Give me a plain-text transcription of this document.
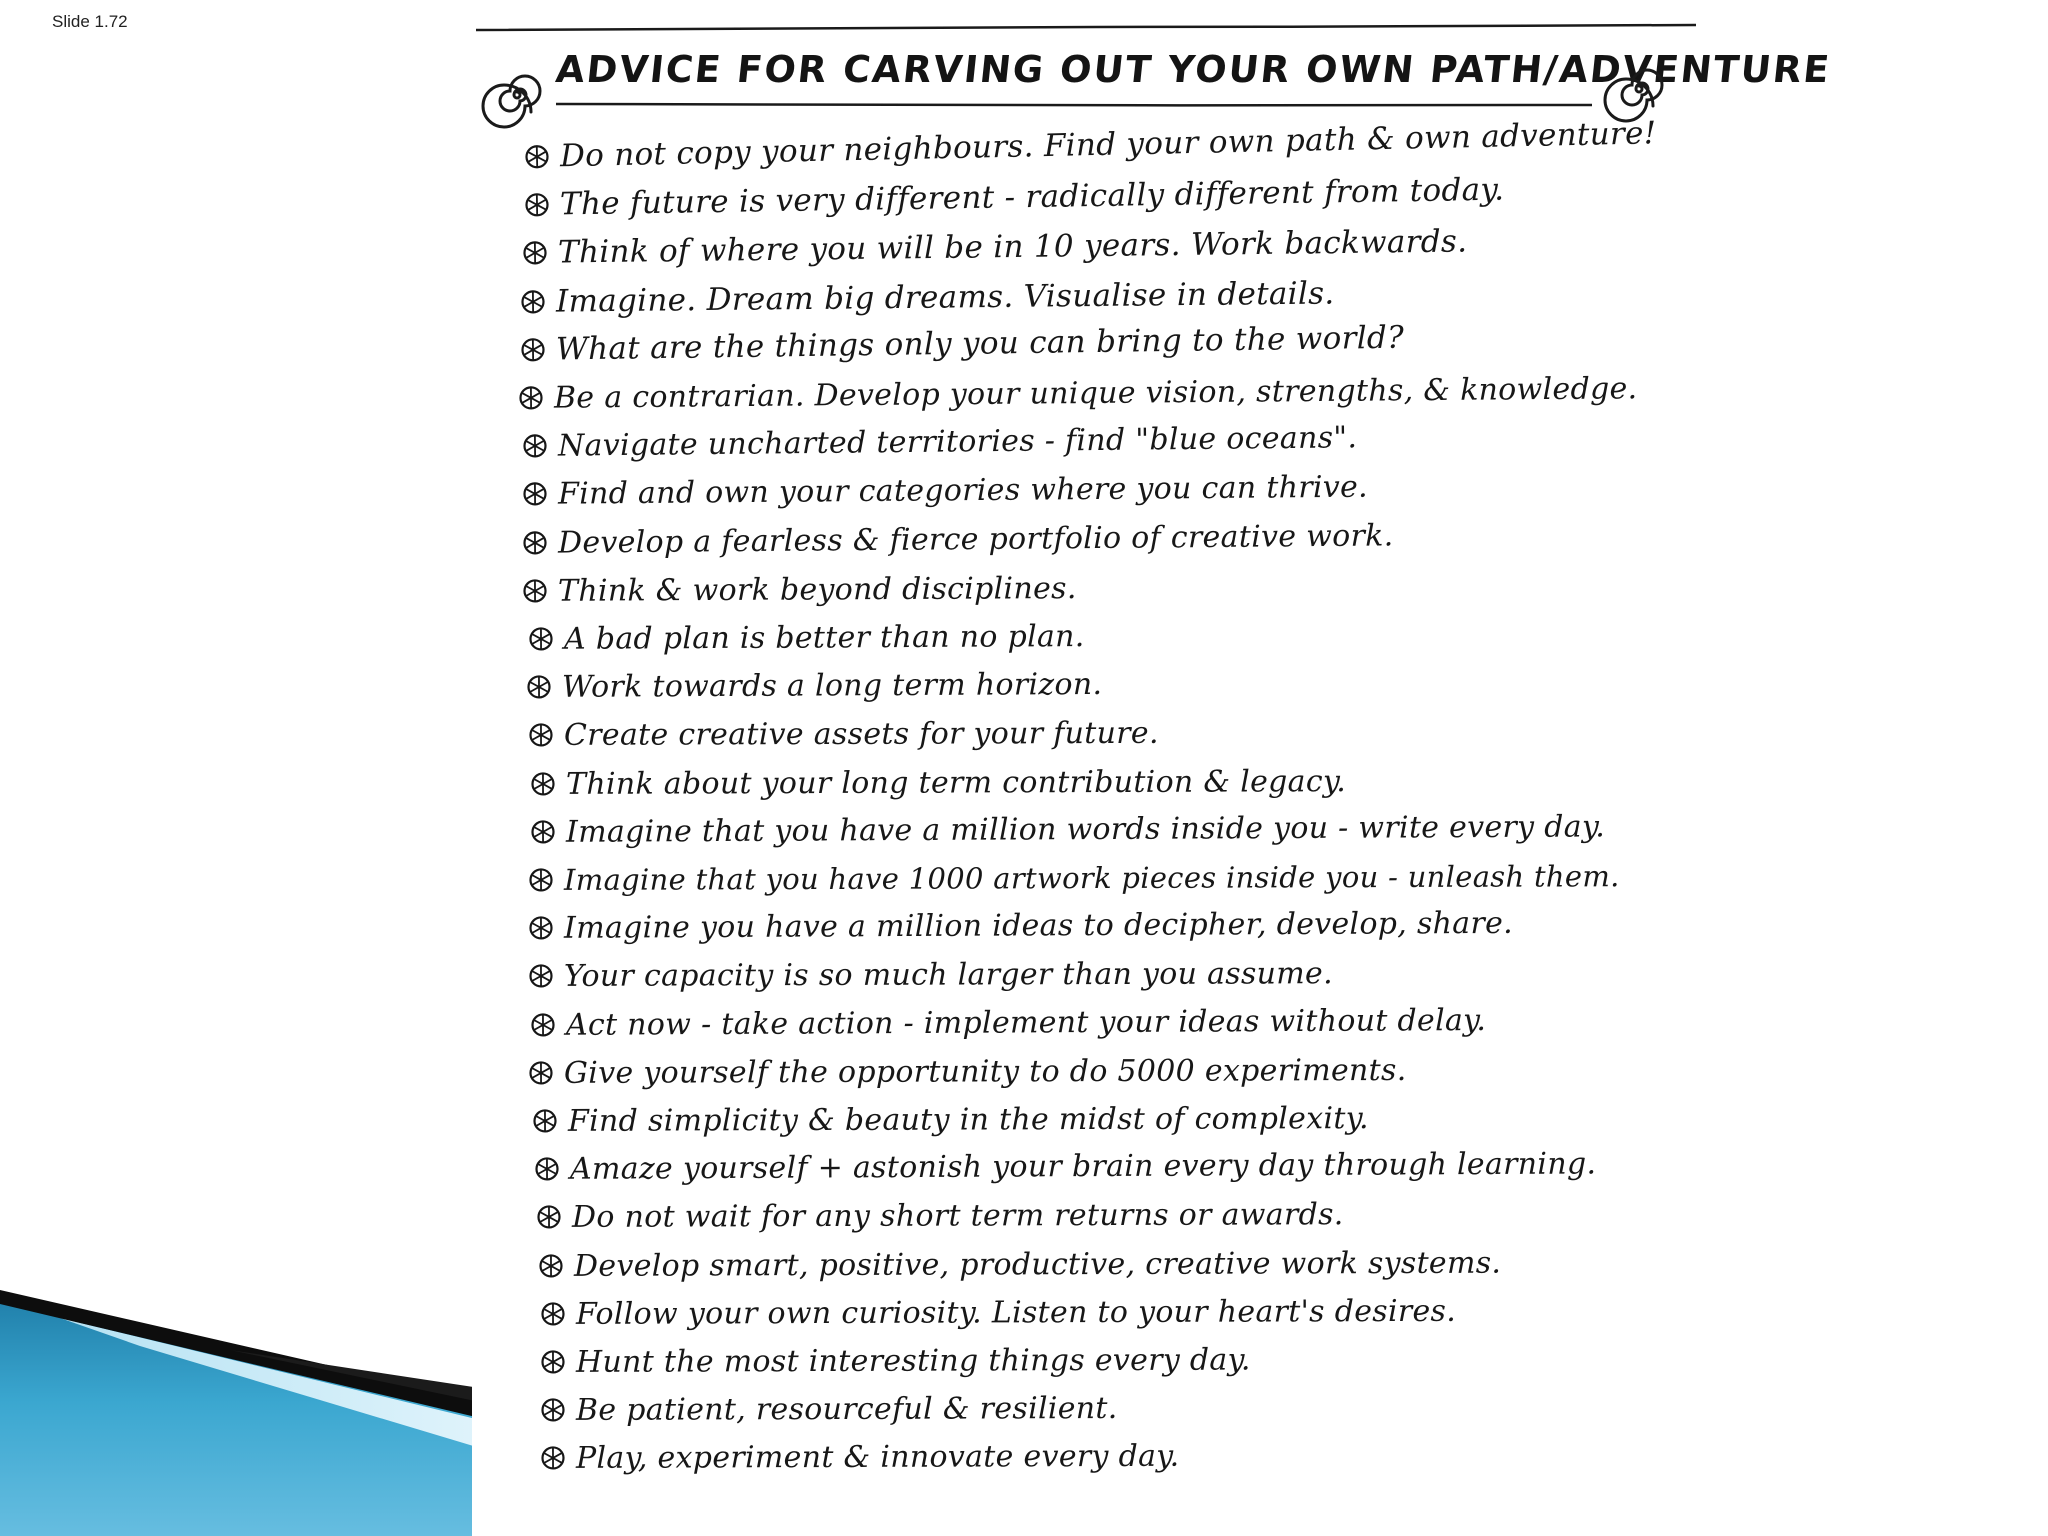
Slide 1.72
ADVICE FOR CARVING OUT YOUR OWN PATH/ADVENTURE
Do not copy your neighbours. Find your own path & own adventure!
The future is very different - radically different from today.
Think of where you will be in 10 years. Work backwards.
Imagine. Dream big dreams. Visualise in details.
What are the things only you can bring to the world?
Be a contrarian. Develop your unique vision, strengths, & knowledge.
Navigate uncharted territories - find "blue oceans".
Find and own your categories where you can thrive.
Develop a fearless & fierce portfolio of creative work.
Think & work beyond disciplines.
A bad plan is better than no plan.
Work towards a long term horizon.
Create creative assets for your future.
Think about your long term contribution & legacy.
Imagine that you have a million words inside you - write every day.
Imagine that you have 1000 artwork pieces inside you - unleash them.
Imagine you have a million ideas to decipher, develop, share.
Your capacity is so much larger than you assume.
Act now - take action - implement your ideas without delay.
Give yourself the opportunity to do 5000 experiments.
Find simplicity & beauty in the midst of complexity.
Amaze yourself + astonish your brain every day through learning.
Do not wait for any short term returns or awards.
Develop smart, positive, productive, creative work systems.
Follow your own curiosity. Listen to your heart's desires.
Hunt the most interesting things every day.
Be patient, resourceful & resilient.
Play, experiment & innovate every day.
